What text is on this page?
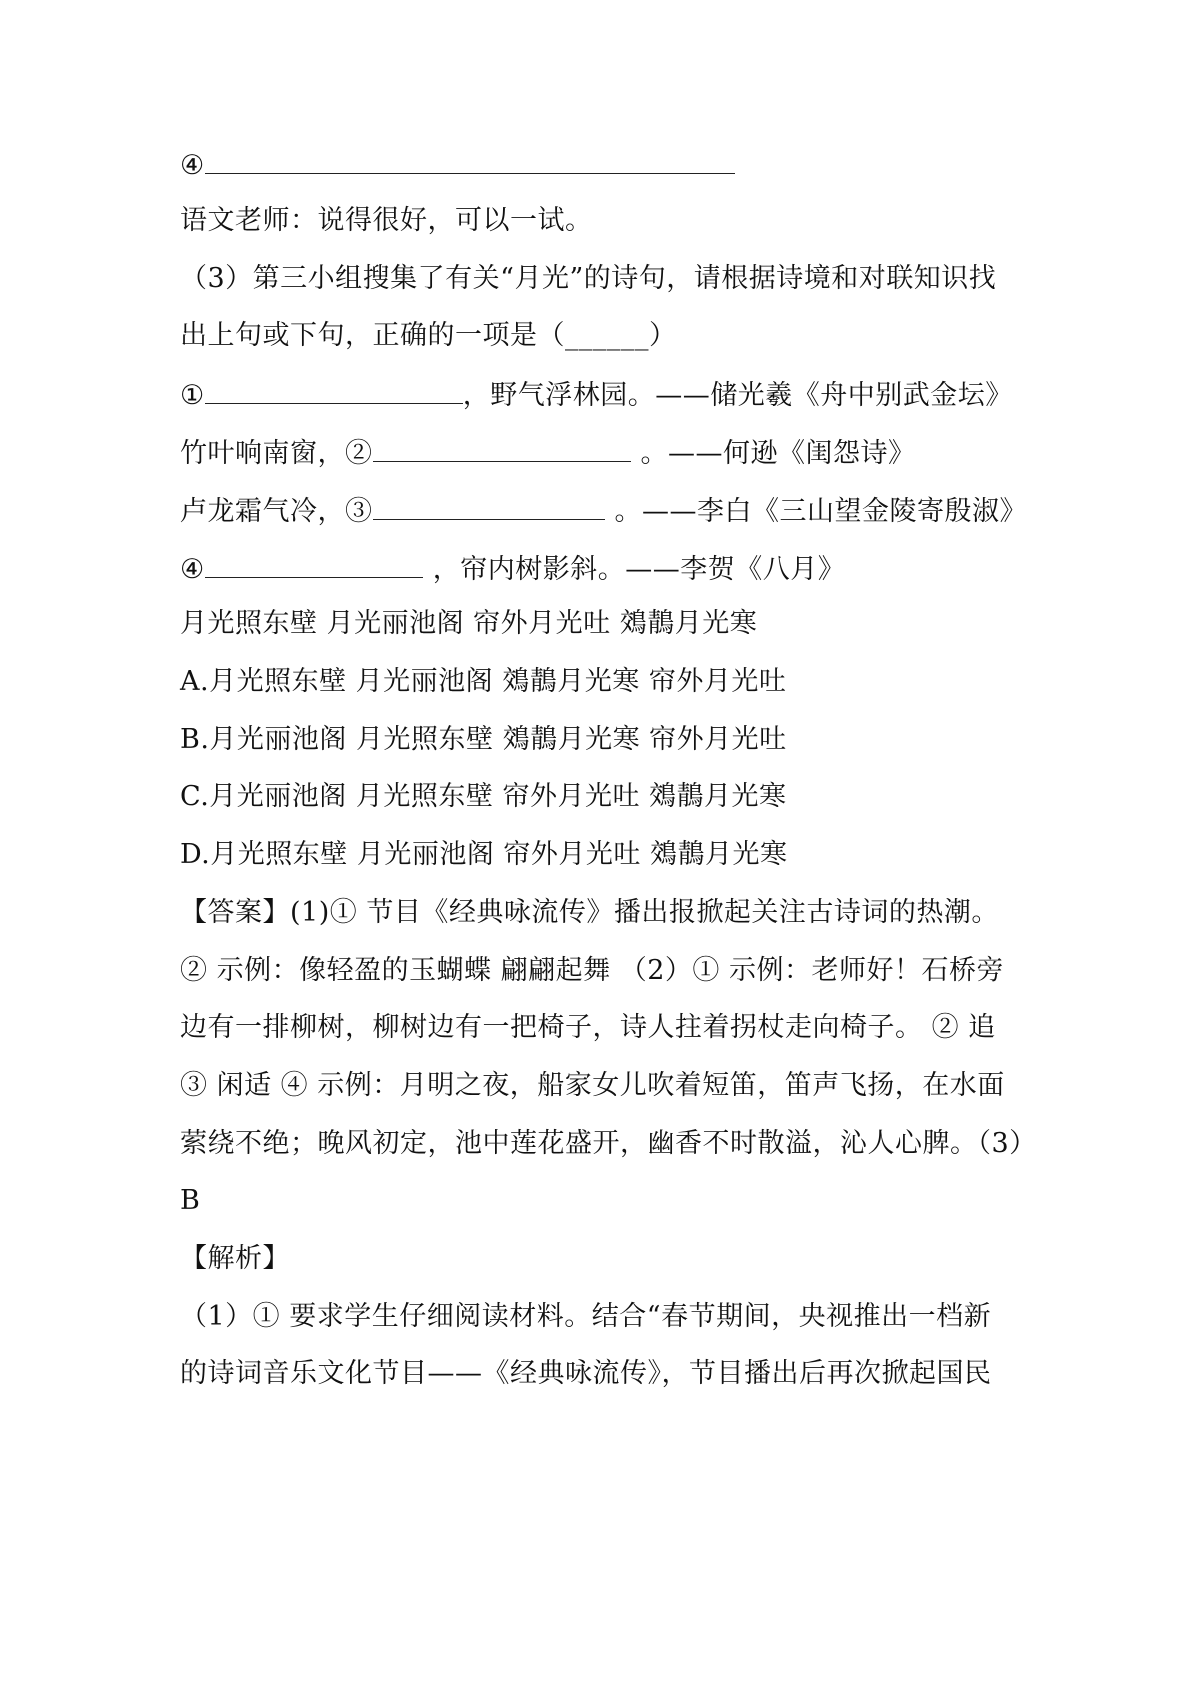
④
语文老师：说得很好，可以一试。
（3）第三小组搜集了有关“月光”的诗句，请根据诗境和对联知识找
出上句或下句，正确的一项是（______）
①	，野气浮林园。——储光羲《舟中别武金坛》
竹叶响南窗，②	。——何逊《闺怨诗》
卢龙霜气冷，③	。——李白《三山望金陵寄殷淑》
④	，帘内树影斜。——李贺《八月》
月光照东壁 月光丽池阁 帘外月光吐 鵁鶄月光寒
A.月光照东壁 月光丽池阁 鵁鶄月光寒 帘外月光吐
B.月光丽池阁 月光照东壁 鵁鶄月光寒 帘外月光吐
C.月光丽池阁 月光照东壁 帘外月光吐 鵁鶄月光寒
D.月光照东壁 月光丽池阁 帘外月光吐 鵁鶄月光寒
【答案】(1)① 节目《经典咏流传》播出报掀起关注古诗词的热潮。
② 示例：像轻盈的玉蝴蝶 翩翩起舞 （2）① 示例：老师好！石桥旁
边有一排柳树，柳树边有一把椅子，诗人拄着拐杖走向椅子。 ② 追
③ 闲适 ④ 示例：月明之夜，船家女儿吹着短笛，笛声飞扬，在水面
萦绕不绝；晚风初定，池中莲花盛开，幽香不时散溢，沁人心脾。（3）
B
【解析】
（1）① 要求学生仔细阅读材料。结合“春节期间，央视推出一档新
的诗词音乐文化节目——《经典咏流传》，节目播出后再次掀起国民
